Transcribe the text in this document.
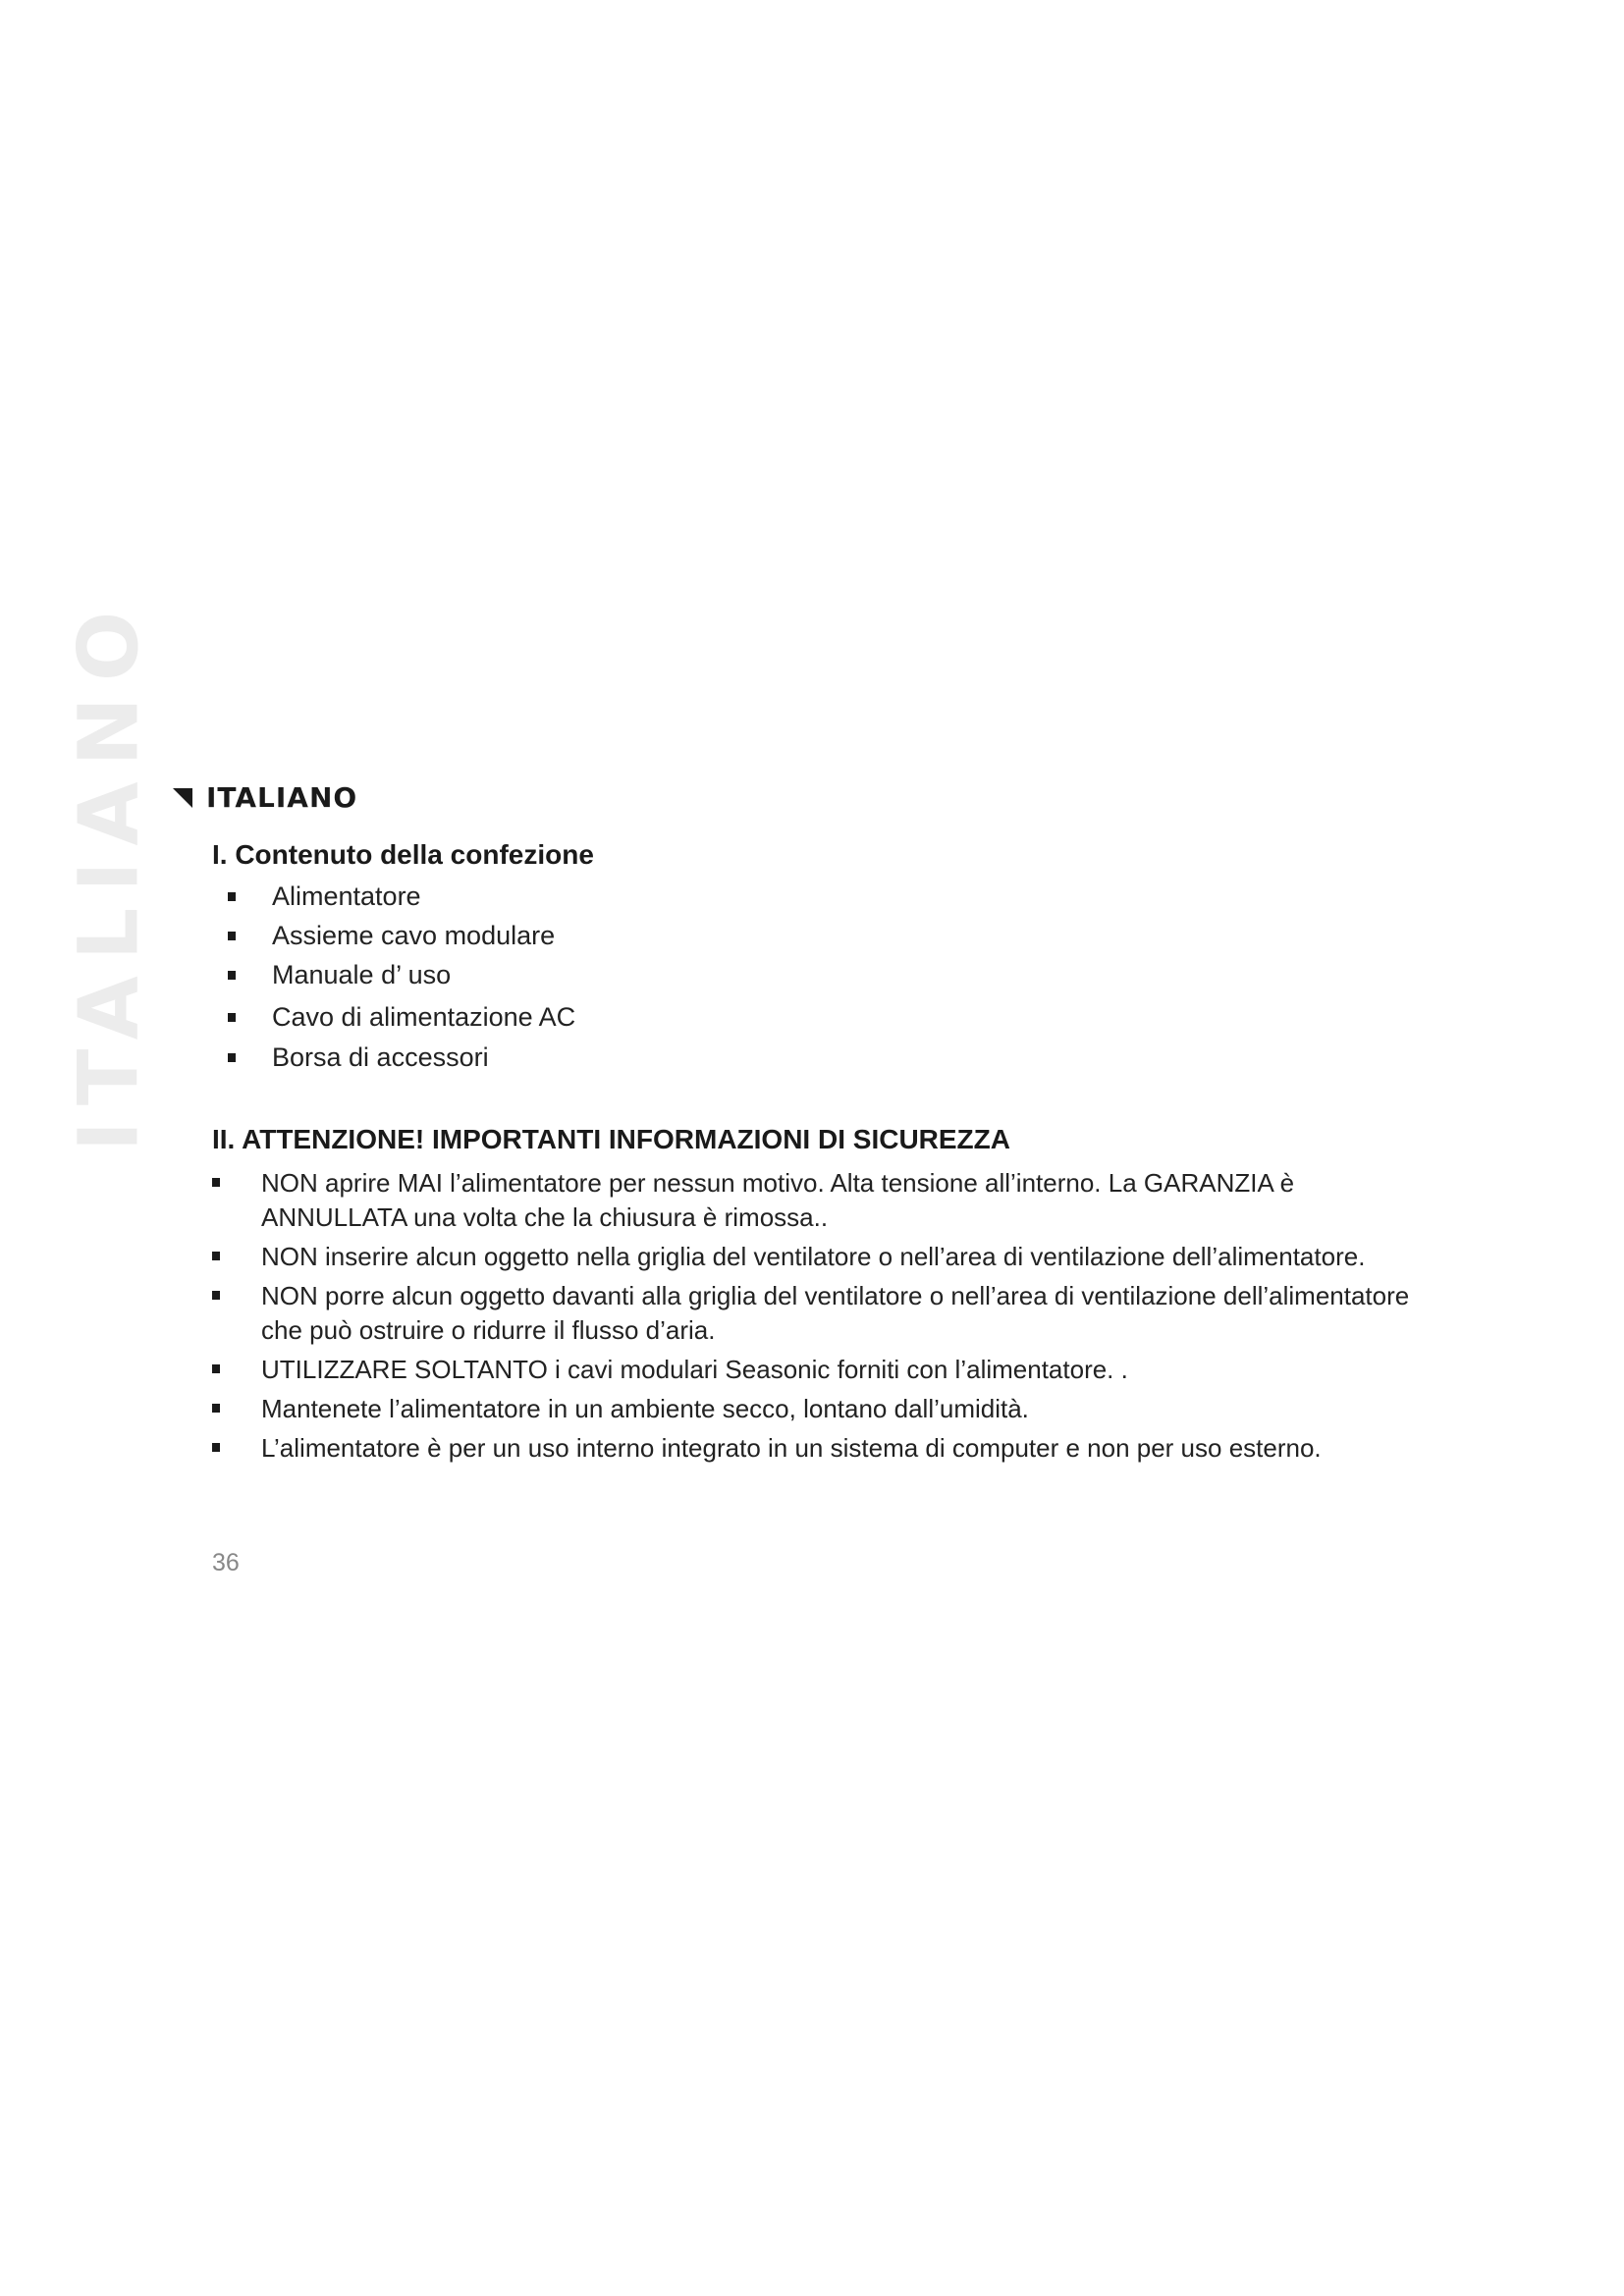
ITALIANO ITALIANO
I. Contenuto della confezione
Alimentatore
Assieme cavo modulare
Manuale d’ uso
Cavo di alimentazione AC
Borsa di accessori
II. ATTENZIONE! IMPORTANTI INFORMAZIONI DI SICUREZZA
NON aprire MAI l’alimentatore per nessun motivo. Alta tensione all’interno. La GARANZIA è ANNULLATA una volta che la chiusura è rimossa..
NON inserire alcun oggetto nella griglia del ventilatore o nell’area di ventilazione dell’alimentatore.
NON porre alcun oggetto davanti alla griglia del ventilatore o nell’area di ventilazione dell’alimentatore che può ostruire o ridurre il flusso d’aria.
UTILIZZARE SOLTANTO i cavi modulari Seasonic forniti con l’alimentatore. .
Mantenete l’alimentatore in un ambiente secco, lontano dall’umidità.
L’alimentatore è per un uso interno integrato in un sistema di computer e non per uso esterno.
36
